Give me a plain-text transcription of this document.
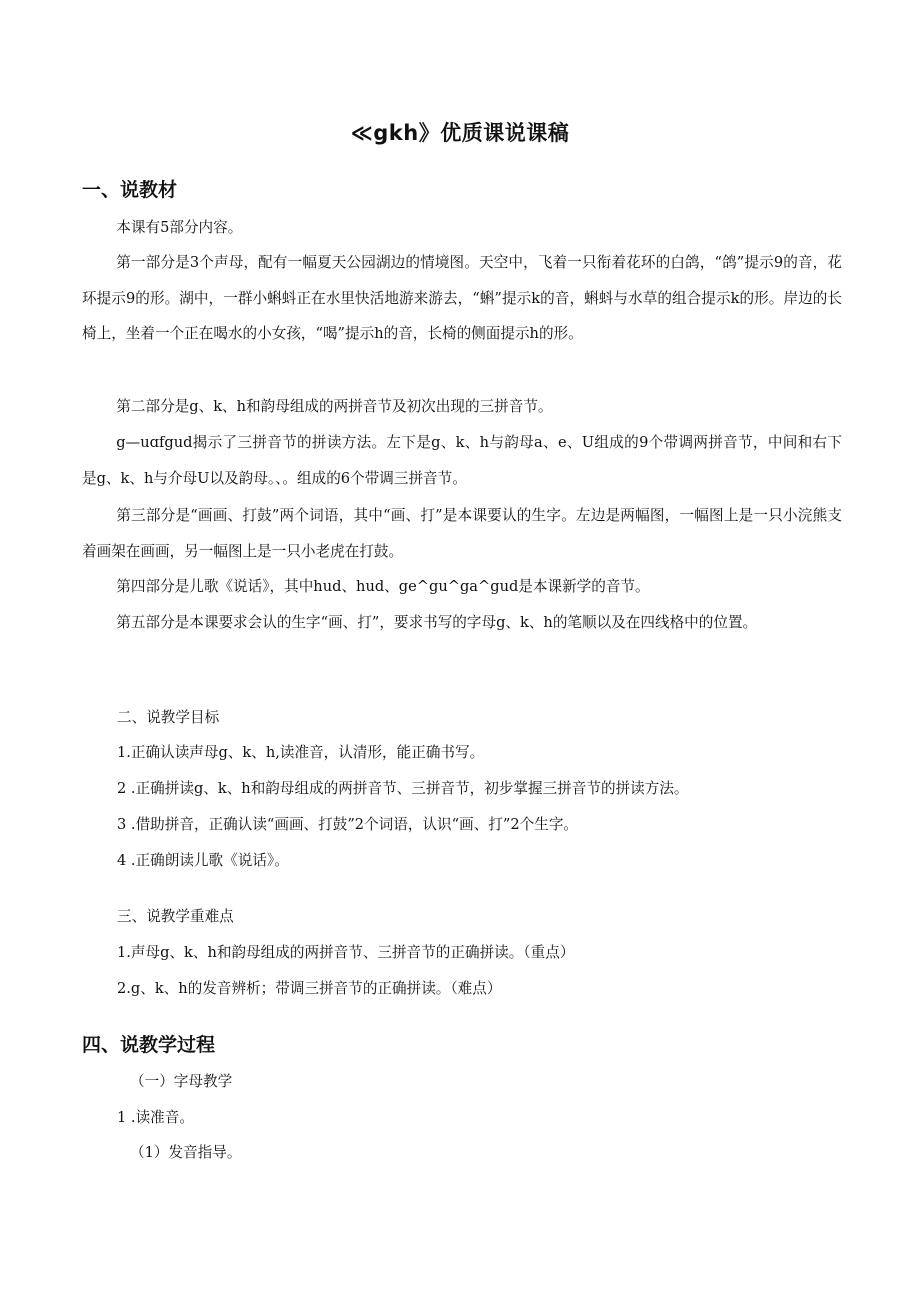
≪gkh》优质课说课稿
一、说教材
本课有5部分内容。
第一部分是3个声母，配有一幅夏天公园湖边的情境图。天空中，飞着一只衔着花环的白鸽，“鸽”提示9的音，花环提示9的形。湖中，一群小蝌蚪正在水里快活地游来游去，“蝌”提示k的音，蝌蚪与水草的组合提示k的形。岸边的长椅上，坐着一个正在喝水的小女孩，“喝”提示h的音，长椅的侧面提示h的形。
第二部分是g、k、h和韵母组成的两拼音节及初次出现的三拼音节。
g—uɑfgud揭示了三拼音节的拼读方法。左下是g、k、h与韵母a、e、U组成的9个带调两拼音节，中间和右下是g、k、h与介母U以及韵母。、。组成的6个带调三拼音节。
第三部分是“画画、打鼓”两个词语，其中“画、打”是本课要认的生字。左边是两幅图，一幅图上是一只小浣熊支着画架在画画，另一幅图上是一只小老虎在打鼓。
第四部分是儿歌《说话》，其中hud、hud、ge^gu^ga^gud是本课新学的音节。
第五部分是本课要求会认的生字“画、打”，要求书写的字母g、k、h的笔顺以及在四线格中的位置。
二、说教学目标
1.正确认读声母g、k、h,读准音，认清形，能正确书写。
2 .正确拼读g、k、h和韵母组成的两拼音节、三拼音节，初步掌握三拼音节的拼读方法。
3 .借助拼音，正确认读“画画、打鼓”2个词语，认识“画、打”2个生字。
4 .正确朗读儿歌《说话》。
三、说教学重难点
1.声母g、k、h和韵母组成的两拼音节、三拼音节的正确拼读。（重点）
2.g、k、h的发音辨析；带调三拼音节的正确拼读。（难点）
四、说教学过程
（一）字母教学
1 .读准音。
（1）发音指导。
